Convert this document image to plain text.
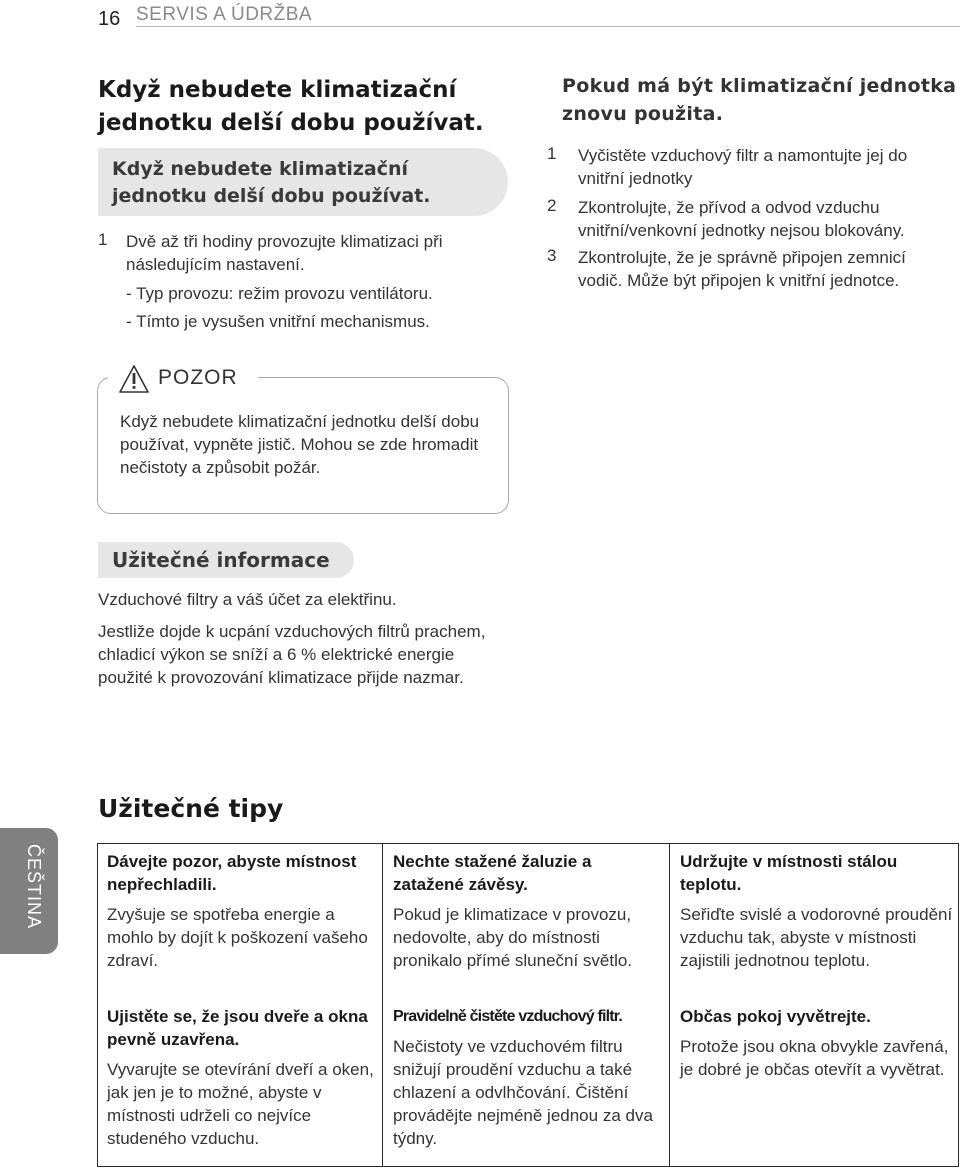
16 SERVIS A ÚDRŽBA
Když nebudete klimatizační jednotku delší dobu používat.
Když nebudete klimatizační jednotku delší dobu používat.
1 Dvě až tři hodiny provozujte klimatizaci při následujícím nastavení.
- Typ provozu: režim provozu ventilátoru.
- Tímto je vysušen vnitřní mechanismus.
Pokud má být klimatizační jednotka znovu použita.
1 Vyčistěte vzduchový filtr a namontujte jej do vnitřní jednotky
2 Zkontrolujte, že přívod a odvod vzduchu vnitřní/venkovní jednotky nejsou blokovány.
3 Zkontrolujte, že je správně připojen zemnicí vodič. Může být připojen k vnitřní jednotce.
POZOR
Když nebudete klimatizační jednotku delší dobu používat, vypněte jistič. Mohou se zde hromadit nečistoty a způsobit požár.
Užitečné informace
Vzduchové filtry a váš účet za elektřinu.
Jestliže dojde k ucpání vzduchových filtrů prachem, chladicí výkon se sníží a 6 % elektrické energie použité k provozování klimatizace přijde nazmar.
Užitečné tipy
ČEŠTINA	Dávejte pozor, abyste místnost nepřechladili.
Zvyšuje se spotřeba energie a mohlo by dojít k poškození vašeho zdraví.
Nechte stažené žaluzie a zatažené závěsy.
Pokud je klimatizace v provozu, nedovolte, aby do místnosti pronikalo přímé sluneční světlo.
Udržujte v místnosti stálou teplotu.
Seřiďte svislé a vodorovné proudění vzduchu tak, abyste v místnosti zajistili jednotnou teplotu.
Ujistěte se, že jsou dveře a okna pevně uzavřena.
Vyvarujte se otevírání dveří a oken, jak jen je to možné, abyste v místnosti udrželi co nejvíce studeného vzduchu.
Pravidelně čistěte vzduchový filtr.
Nečistoty ve vzduchovém filtru snižují proudění vzduchu a také chlazení a odvlhčování. Čištění provádějte nejméně jednou za dva týdny.
Občas pokoj vyvětrejte.
Protože jsou okna obvykle zavřená, je dobré je občas otevřít a vyvětrat.
